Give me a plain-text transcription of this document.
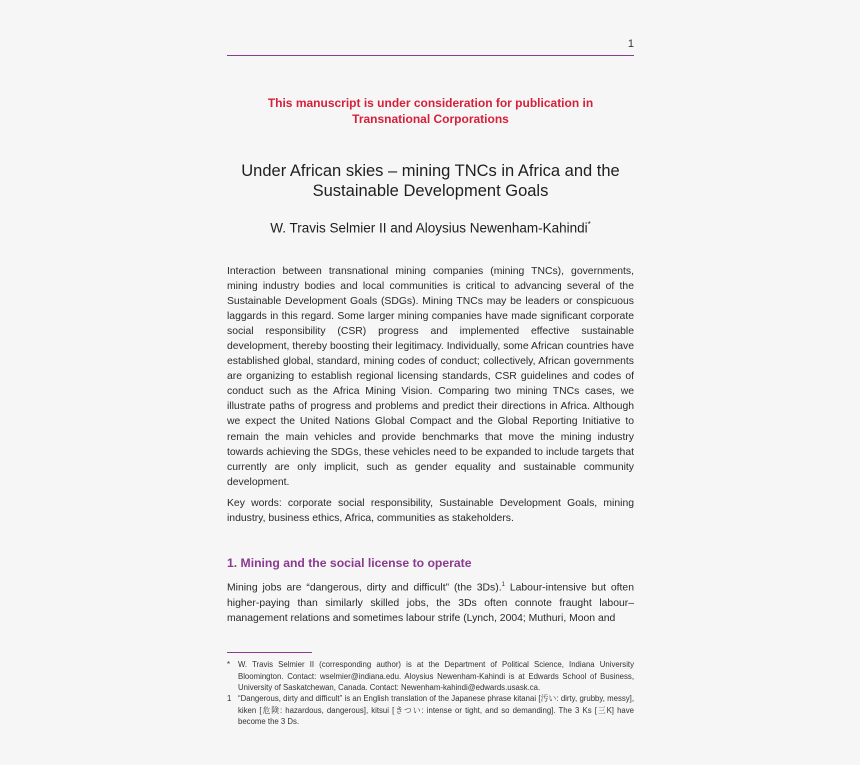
1
This manuscript is under consideration for publication in
Transnational Corporations
Under African skies – mining TNCs in Africa and the Sustainable Development Goals
W. Travis Selmier II and Aloysius Newenham-Kahindi*

Interaction between transnational mining companies (mining TNCs), governments, mining industry bodies and local communities is critical to advancing several of the Sustainable Development Goals (SDGs). Mining TNCs may be leaders or conspicuous laggards in this regard. Some larger mining companies have made significant corporate social responsibility (CSR) progress and implemented effective sustainable development, thereby boosting their legitimacy. Individually, some African countries have established global, standard, mining codes of conduct; collectively, African governments are organizing to establish regional licensing standards, CSR guidelines and codes of conduct such as the Africa Mining Vision. Comparing two mining TNCs cases, we illustrate paths of progress and problems and predict their directions in Africa. Although we expect the United Nations Global Compact and the Global Reporting Initiative to remain the main vehicles and provide benchmarks that move the mining industry towards achieving the SDGs, these vehicles need to be expanded to include targets that currently are only implicit, such as gender equality and sustainable community development.

Key words: corporate social responsibility, Sustainable Development Goals, mining industry, business ethics, Africa, communities as stakeholders.

1. Mining and the social license to operate

Mining jobs are “dangerous, dirty and difficult” (the 3Ds).$^1$ Labour-intensive but often higher-paying than similarly skilled jobs, the 3Ds often connote fraught labour–management relations and sometimes labour strife (Lynch, 2004; Muthuri, Moon and

* W. Travis Selmier II (corresponding author) is at the Department of Political Science, Indiana University Bloomington. Contact: wselmier@indiana.edu. Aloysius Newenham-Kahindi is at Edwards School of Business, University of Saskatchewan, Canada. Contact: Newenham-kahindi@edwards.usask.ca.
1 “Dangerous, dirty and difficult” is an English translation of the Japanese phrase kitanai [汚い: dirty, grubby, messy], kiken [危険: hazardous, dangerous], kitsui [きつい: intense or tight, and so demanding]. The 3 Ks [三K] have become the 3 Ds.
